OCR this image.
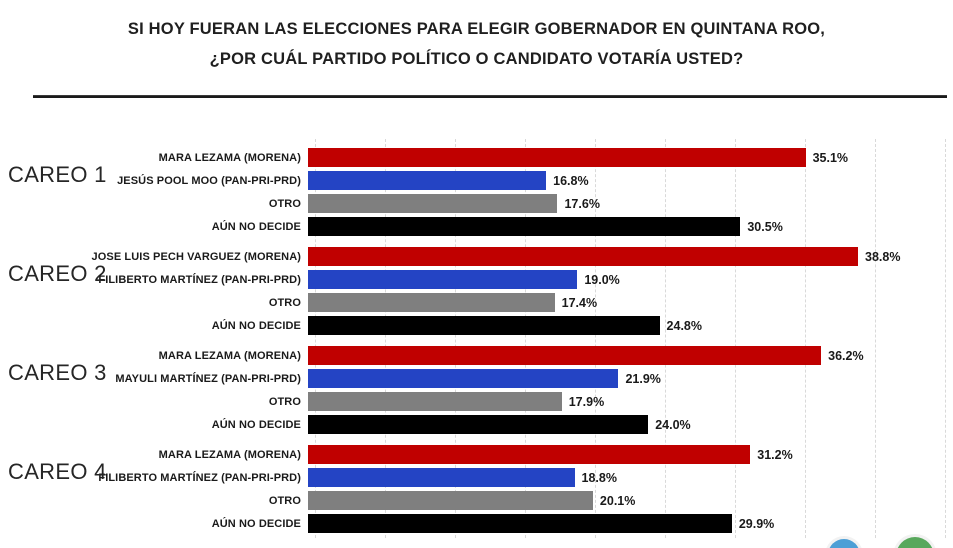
SI HOY FUERAN LAS ELECCIONES PARA ELEGIR GOBERNADOR EN QUINTANA ROO,
¿POR CUÁL PARTIDO POLÍTICO O CANDIDATO VOTARÍA USTED?
CAREO 1
MARA LEZAMA (MORENA)	35.1%
JESÚS POOL MOO (PAN-PRI-PRD)	16.8%
OTRO	17.6%
AÚN NO DECIDE	30.5%
CAREO 2
JOSE LUIS PECH VARGUEZ (MORENA)	38.8%
FILIBERTO MARTÍNEZ (PAN-PRI-PRD)	19.0%
OTRO	17.4%
AÚN NO DECIDE	24.8%
CAREO 3
MARA LEZAMA (MORENA)	36.2%
MAYULI MARTÍNEZ (PAN-PRI-PRD)	21.9%
OTRO	17.9%
AÚN NO DECIDE	24.0%
CAREO 4
MARA LEZAMA (MORENA)	31.2%
FILIBERTO MARTÍNEZ (PAN-PRI-PRD)	18.8%
OTRO	20.1%
AÚN NO DECIDE	29.9%
